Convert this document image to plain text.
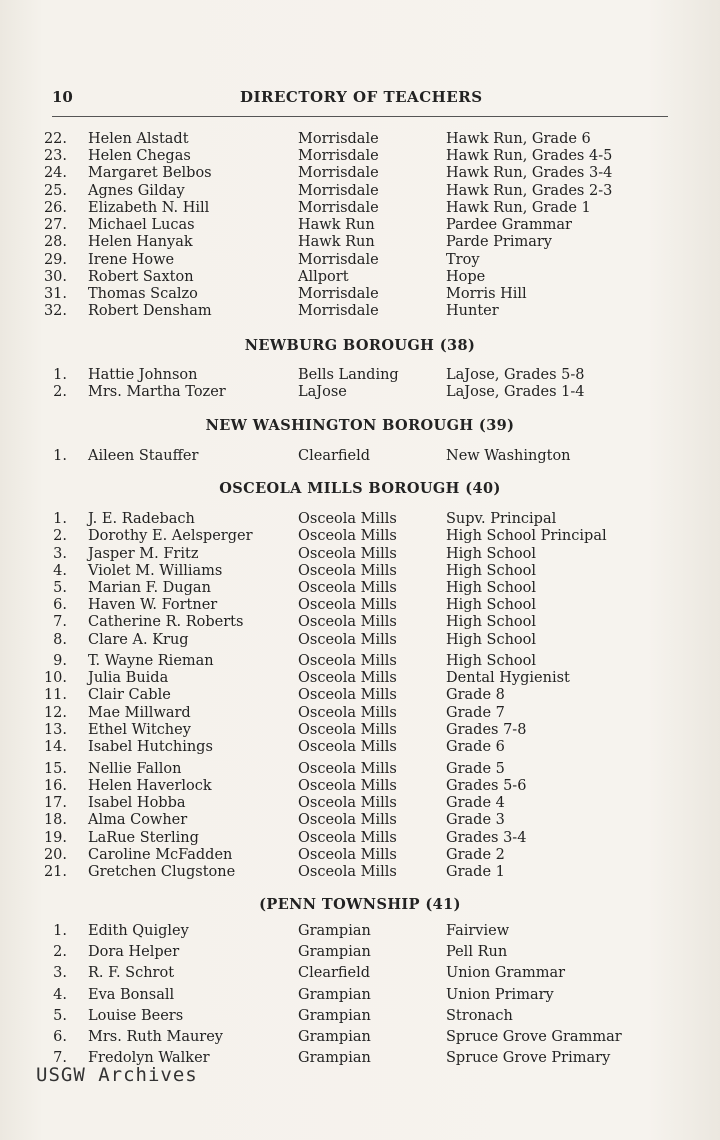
10	DIRECTORY OF TEACHERS
22. Helen Alstadt	Morrisdale	Hawk Run, Grade 6
23. Helen Chegas	Morrisdale	Hawk Run, Grades 4-5
24. Margaret Belbos	Morrisdale	Hawk Run, Grades 3-4
25. Agnes Gilday	Morrisdale	Hawk Run, Grades 2-3
26. Elizabeth N. Hill	Morrisdale	Hawk Run, Grade 1
27. Michael Lucas	Hawk Run	Pardee Grammar
28. Helen Hanyak	Hawk Run	Parde Primary
29. Irene Howe	Morrisdale	Troy
30. Robert Saxton	Allport	Hope
31. Thomas Scalzo	Morrisdale	Morris Hill
32. Robert Densham	Morrisdale	Hunter
NEWBURG BOROUGH (38)
1. Hattie Johnson	Bells Landing	LaJose, Grades 5-8
2. Mrs. Martha Tozer	LaJose	LaJose, Grades 1-4
NEW WASHINGTON BOROUGH (39)
1. Aileen Stauffer	Clearfield	New Washington
OSCEOLA MILLS BOROUGH (40)
1. J. E. Radebach	Osceola Mills	Supv. Principal
2. Dorothy E. Aelsperger	Osceola Mills	High School Principal
3. Jasper M. Fritz	Osceola Mills	High School
4. Violet M. Williams	Osceola Mills	High School
5. Marian F. Dugan	Osceola Mills	High School
6. Haven W. Fortner	Osceola Mills	High School
7. Catherine R. Roberts	Osceola Mills	High School
8. Clare A. Krug	Osceola Mills	High School
9. T. Wayne Rieman	Osceola Mills	High School
10. Julia Buida	Osceola Mills	Dental Hygienist
11. Clair Cable	Osceola Mills	Grade 8
12. Mae Millward	Osceola Mills	Grade 7
13. Ethel Witchey	Osceola Mills	Grades 7-8
14. Isabel Hutchings	Osceola Mills	Grade 6
15. Nellie Fallon	Osceola Mills	Grade 5
16. Helen Haverlock	Osceola Mills	Grades 5-6
17. Isabel Hobba	Osceola Mills	Grade 4
18. Alma Cowher	Osceola Mills	Grade 3
19. LaRue Sterling	Osceola Mills	Grades 3-4
20. Caroline McFadden	Osceola Mills	Grade 2
21. Gretchen Clugstone	Osceola Mills	Grade 1
(PENN TOWNSHIP (41)
1. Edith Quigley	Grampian	Fairview
2. Dora Helper	Grampian	Pell Run
3. R. F. Schrot	Clearfield	Union Grammar
4. Eva Bonsall	Grampian	Union Primary
5. Louise Beers	Grampian	Stronach
6. Mrs. Ruth Maurey	Grampian	Spruce Grove Grammar
7. Fredolyn Walker	Grampian	Spruce Grove Primary
USGW Archives
